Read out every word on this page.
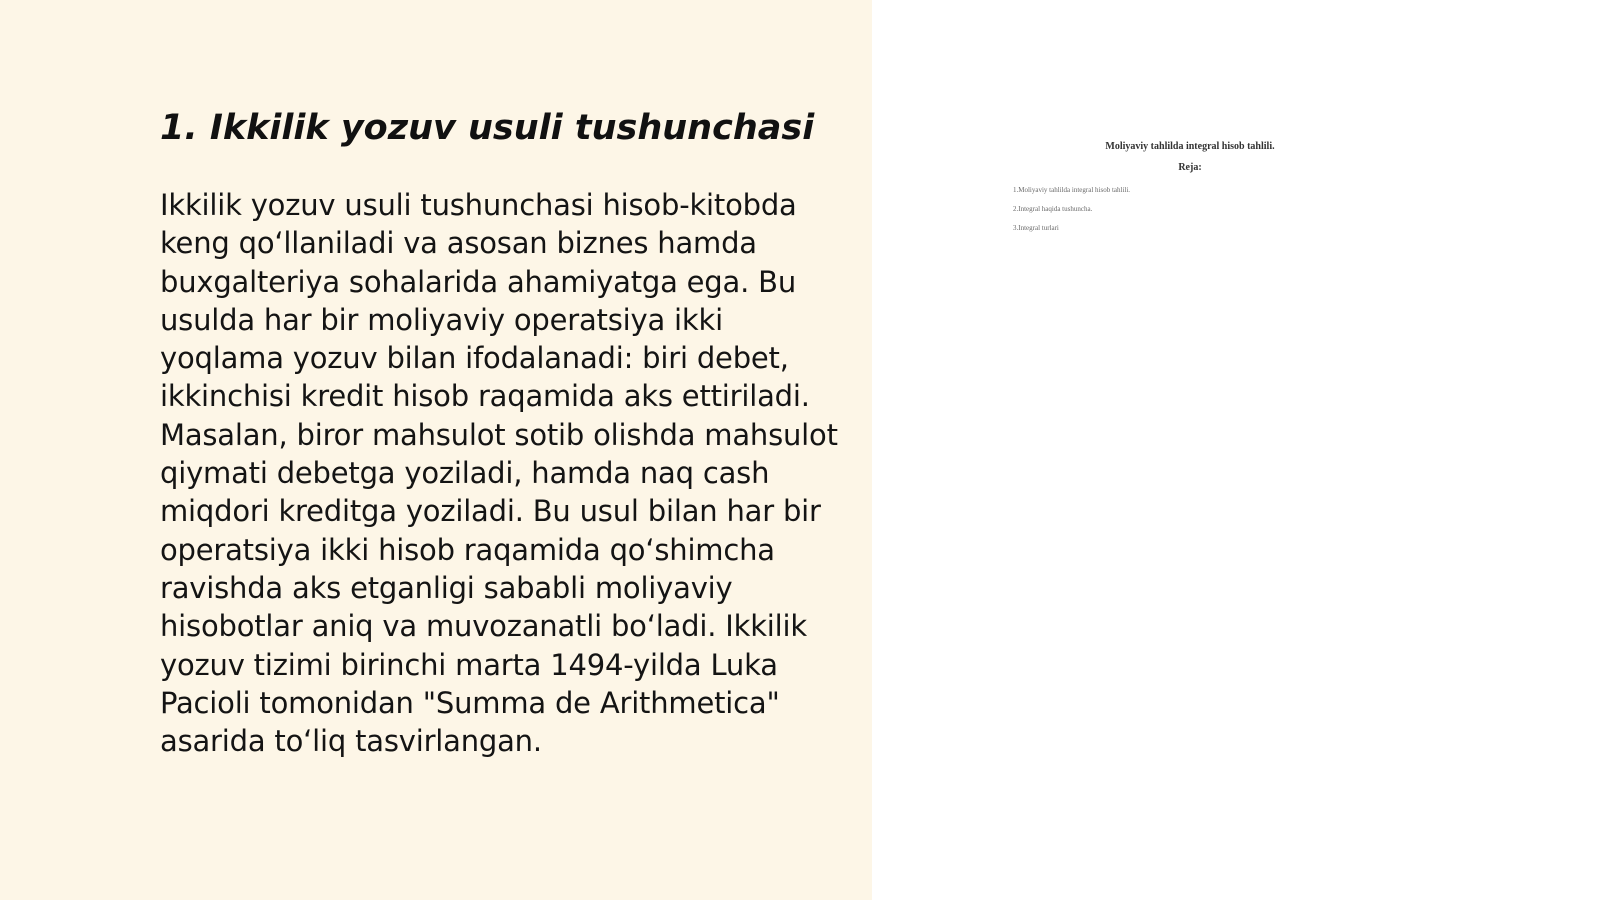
1. Ikkilik yozuv usuli tushunchasi

Ikkilik yozuv usuli tushunchasi hisob-kitobda keng qo‘llaniladi va asosan biznes hamda buxgalteriya sohalarida ahamiyatga ega. Bu usulda har bir moliyaviy operatsiya ikki yoqlama yozuv bilan ifodalanadi: biri debet, ikkinchisi kredit hisob raqamida aks ettiriladi. Masalan, biror mahsulot sotib olishda mahsulot qiymati debetga yoziladi, hamda naq cash miqdori kreditga yoziladi. Bu usul bilan har bir operatsiya ikki hisob raqamida qo‘shimcha ravishda aks etganligi sababli moliyaviy hisobotlar aniq va muvozanatli bo‘ladi. Ikkilik yozuv tizimi birinchi marta 1494-yilda Luka Pacioli tomonidan "Summa de Arithmetica" asarida to‘liq tasvirlangan.

Moliyaviy tahlilda integral hisob tahlili.

Reja:

1.Moliyaviy tahlilda integral hisob tahlili.
2.Integral haqida tushuncha.
3.Integral turlari
